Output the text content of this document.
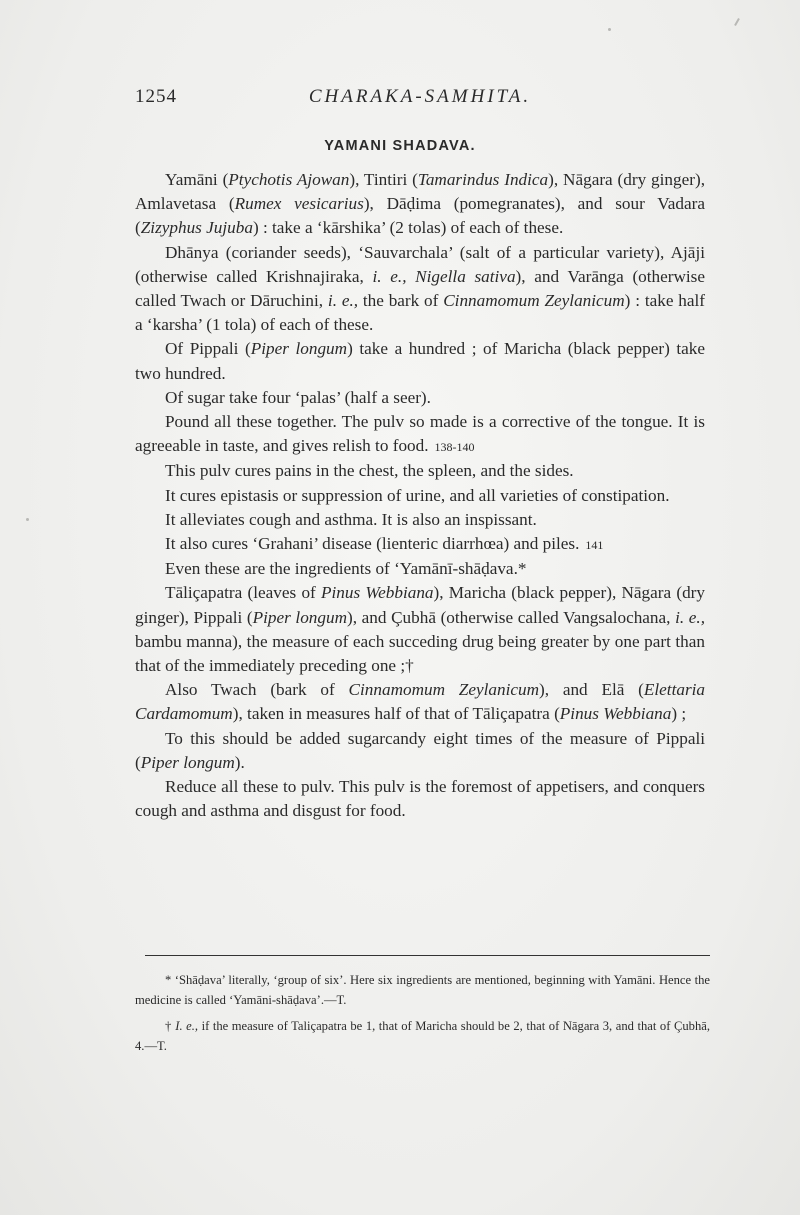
1254	CHARAKA-SAMHITA.
YAMANI SHADAVA.

Yamāni (Ptychotis Ajowan), Tintiri (Tamarindus Indica), Nāgara (dry ginger), Amlavetasa (Rumex vesicarius), Dāḍima (pomegranates), and sour Vadara (Zizyphus Jujuba) : take a ‘kārshika’ (2 tolas) of each of these.

Dhānya (coriander seeds), ‘Sauvarchala’ (salt of a particular variety), Ajāji (otherwise called Krishnajiraka, i. e., Nigella sativa), and Varānga (otherwise called Twach or Dāruchini, i. e., the bark of Cinnamomum Zeylanicum) : take half a ‘karsha’ (1 tola) of each of these.

Of Pippali (Piper longum) take a hundred ; of Maricha (black pepper) take two hundred.

Of sugar take four ‘palas’ (half a seer).

Pound all these together. The pulv so made is a corrective of the tongue. It is agreeable in taste, and gives relish to food. 138-140

This pulv cures pains in the chest, the spleen, and the sides.

It cures epistasis or suppression of urine, and all varieties of constipation.

It alleviates cough and asthma. It is also an inspissant.

It also cures ‘Grahani’ disease (lienteric diarrhœa) and piles. 141

Even these are the ingredients of ‘Yamānī-shāḍava.*

Tāliçapatra (leaves of Pinus Webbiana), Maricha (black pepper), Nāgara (dry ginger), Pippali (Piper longum), and Çubhā (otherwise called Vangsalochana, i. e., bambu manna), the measure of each succeding drug being greater by one part than that of the immediately preceding one ;†

Also Twach (bark of Cinnamomum Zeylanicum), and Elā (Elettaria Cardamomum), taken in measures half of that of Tāliçapatra (Pinus Webbiana) ;

To this should be added sugarcandy eight times of the measure of Pippali (Piper longum).

Reduce all these to pulv. This pulv is the foremost of appetisers, and conquers cough and asthma and disgust for food.

* ‘Shāḍava’ literally, ‘group of six’. Here six ingredients are mentioned, beginning with Yamāni. Hence the medicine is called ‘Yamāni-shāḍava’.—T.

† I. e., if the measure of Taliçapatra be 1, that of Maricha should be 2, that of Nāgara 3, and that of Çubhā, 4.—T.
